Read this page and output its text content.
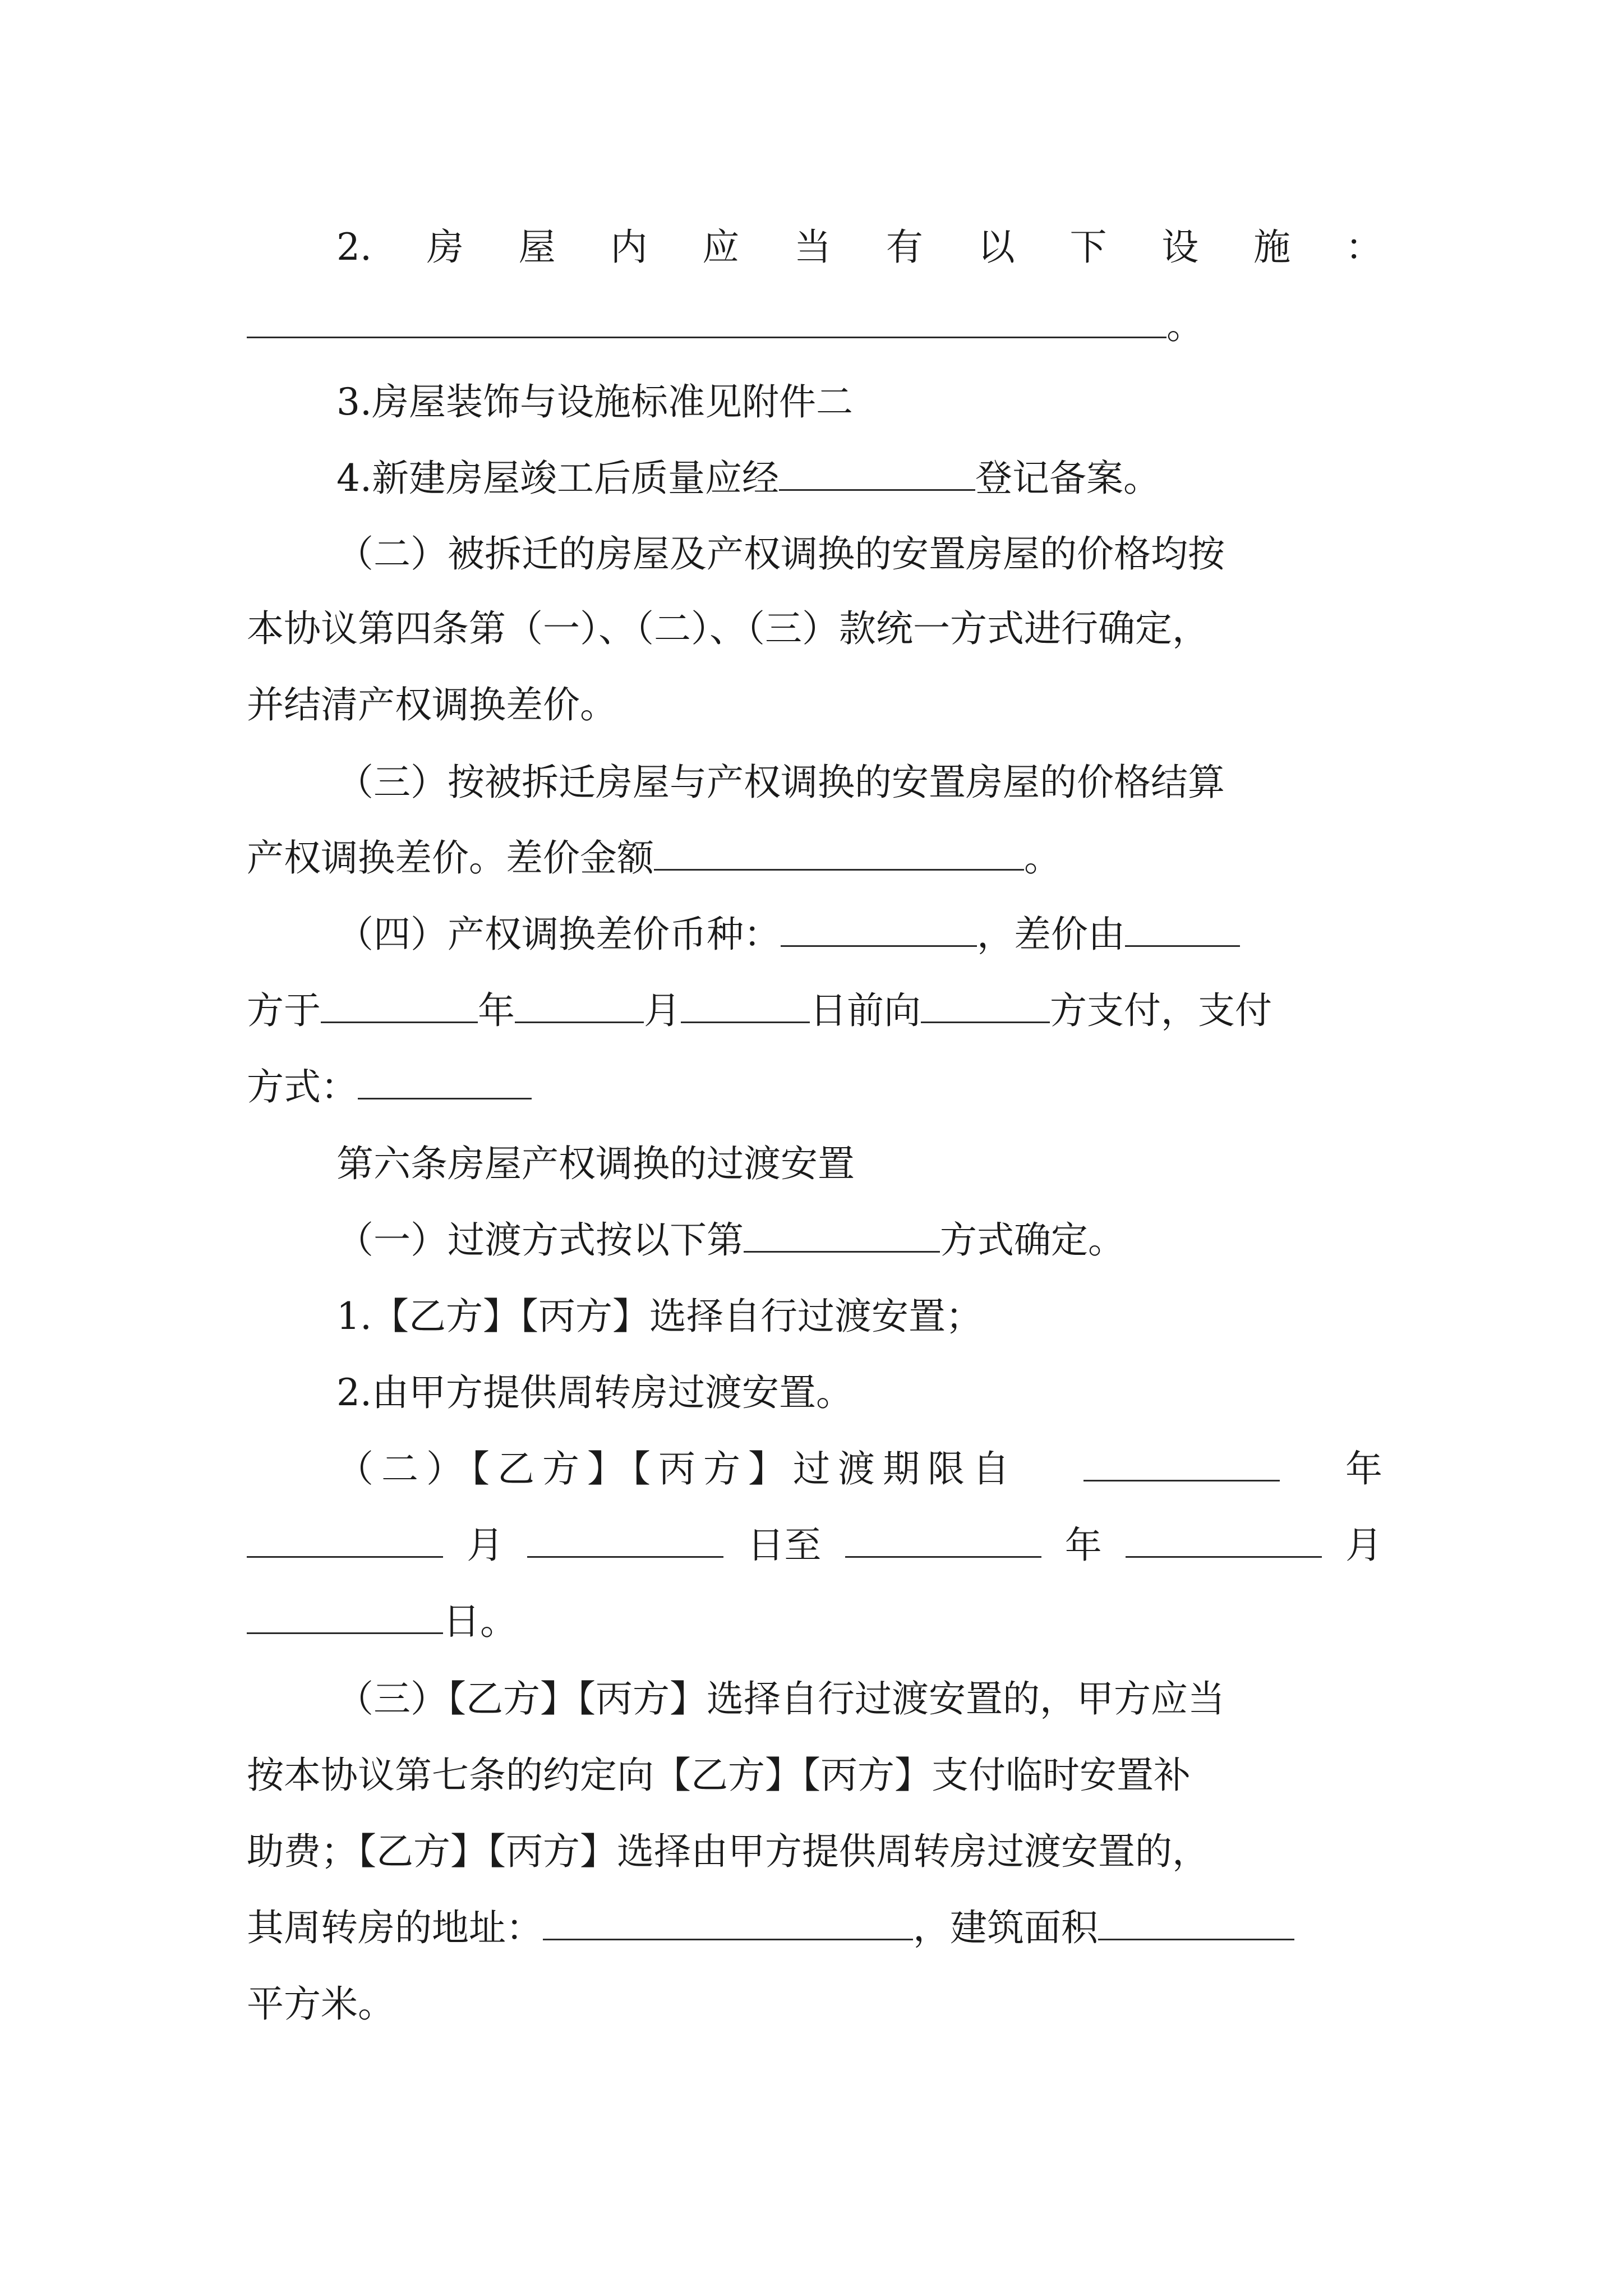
2. 房 屋 内 应 当 有 以 下 设 施 ：
。
3.房屋装饰与设施标准见附件二
4.新建房屋竣工后质量应经	登记备案。
（二）被拆迁的房屋及产权调换的安置房屋的价格均按
本协议第四条第（一）、（二）、（三）款统一方式进行确定，
并结清产权调换差价。
（三）按被拆迁房屋与产权调换的安置房屋的价格结算
产权调换差价。差价金额	。
（四）产权调换差价币种：	，差价由
方于	年	月	日前向	方支付，支付
方式：
第六条房屋产权调换的过渡安置
（一）过渡方式按以下第	方式确定。
1.【乙方】【丙方】选择自行过渡安置；
2.由甲方提供周转房过渡安置。
（二）【乙方】【丙方】过渡期限自	年
月	日至	年	月
日。
（三）【乙方】【丙方】选择自行过渡安置的，甲方应当
按本协议第七条的约定向【乙方】【丙方】支付临时安置补
助费；【乙方】【丙方】选择由甲方提供周转房过渡安置的，
其周转房的地址：	，建筑面积
平方米。
